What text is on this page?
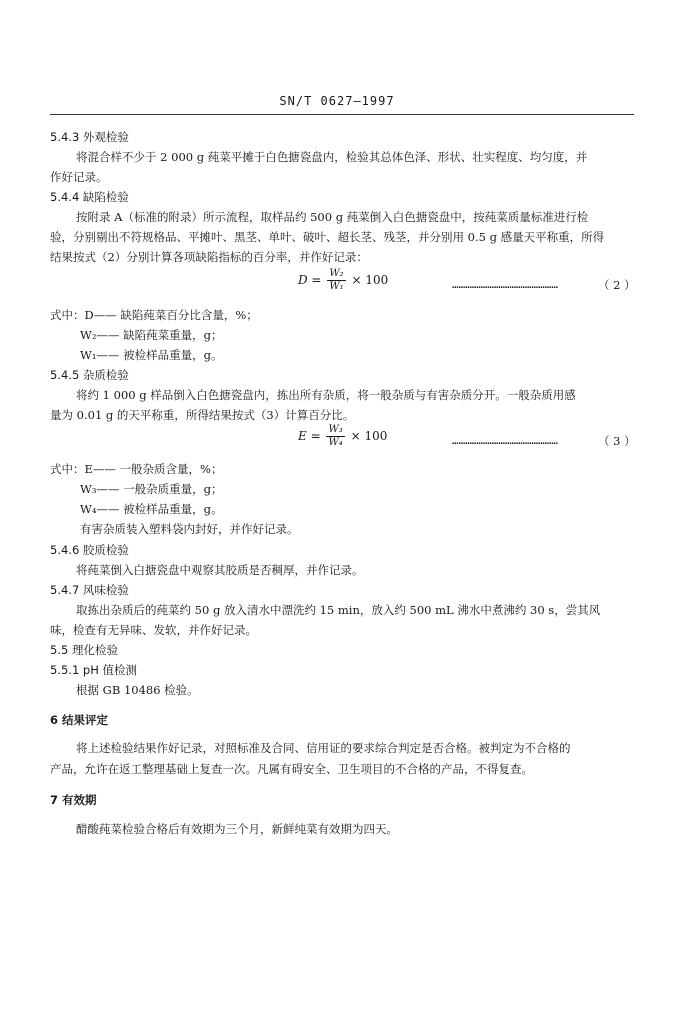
SN/T 0627—1997
5.4.3 外观检验
将混合样不少于 2 000 g 莼菜平摊于白色搪瓷盘内，检验其总体色泽、形状、壮实程度、均匀度，并
作好记录。
5.4.4 缺陷检验
按附录 A（标准的附录）所示流程，取样品约 500 g 莼菜倒入白色搪瓷盘中，按莼菜质量标准进行检
验，分别剔出不符规格品、平摊叶、黑茎、单叶、破叶、超长茎、残茎，并分别用 0.5 g 感量天平称重，所得
结果按式（2）分别计算各项缺陷指标的百分率，并作好记录：
$D = \frac{\text{W₂}}{\text{W₁}} \times 100$	…………………………………………	（ 2 ）
式中：D—— 缺陷莼菜百分比含量，%；
W₂—— 缺陷莼菜重量，g；
W₁—— 被检样品重量，g。
5.4.5 杂质检验
将约 1 000 g 样品倒入白色搪瓷盘内，拣出所有杂质，将一般杂质与有害杂质分开。一般杂质用感
量为 0.01 g 的天平称重，所得结果按式（3）计算百分比。
$E = \frac{\text{W₃}}{\text{W₄}} \times 100$	…………………………………………	（ 3 ）
式中：E—— 一般杂质含量，%；
W₃—— 一般杂质重量，g；
W₄—— 被检样品重量，g。
有害杂质装入塑料袋内封好，并作好记录。
5.4.6 胶质检验
将莼菜倒入白搪瓷盘中观察其胶质是否稠厚，并作记录。
5.4.7 风味检验
取拣出杂质后的莼菜约 50 g 放入清水中漂洗约 15 min，放入约 500 mL 沸水中煮沸约 30 s，尝其风
味，检查有无异味、发软，并作好记录。
5.5 理化检验
5.5.1 pH 值检测
根据 GB 10486 检验。
6 结果评定
将上述检验结果作好记录，对照标准及合同、信用证的要求综合判定是否合格。被判定为不合格的
产品，允许在返工整理基础上复查一次。凡属有碍安全、卫生项目的不合格的产品，不得复查。
7 有效期
醋酸莼菜检验合格后有效期为三个月，新鲜纯菜有效期为四天。
